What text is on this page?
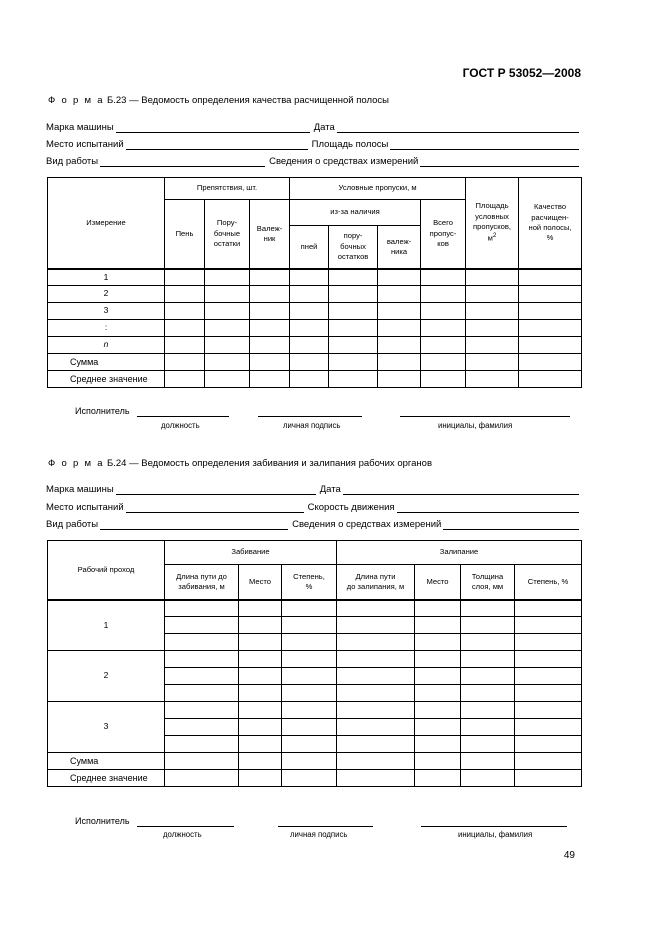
ГОСТ Р 53052—2008
Ф о р м а Б.23 — Ведомость определения качества расчищенной полосы
Марка машины	Дата
Место испытаний	Площадь полосы
Вид работы	Сведения о средствах измерений
Измерение	Препятствия, шт.			Условные пропуски, м				Площадь
условных
пропусков,
$м^2$	Качество
расчищен-
ной полосы,
%
	Пень	Пору-
бочные
остатки	Валеж-
ник	из-за наличия			Всего
пропус-
ков		
				пней	пору-
бочных
остатков	валеж-
ника			
1									
2									
3									
:									
n									
Сумма									
Среднее значение									
Исполнитель
должность	личная подпись	инициалы, фамилия
Ф о р м а Б.24 — Ведомость определения забивания и залипания рабочих органов
Марка машины	Дата
Место испытаний	Скорость движения
Вид работы	Сведения о средствах измерений
Рабочий проход	Забивание			Залипание			
	Длина пути до
забивания, м	Место	Степень,
%	Длина пути
до залипания, м	Место	Толщина
слоя, мм	Степень, %
1							

2							

3							

Сумма							
Среднее значение							
Исполнитель
должность	личная подпись	инициалы, фамилия
49
